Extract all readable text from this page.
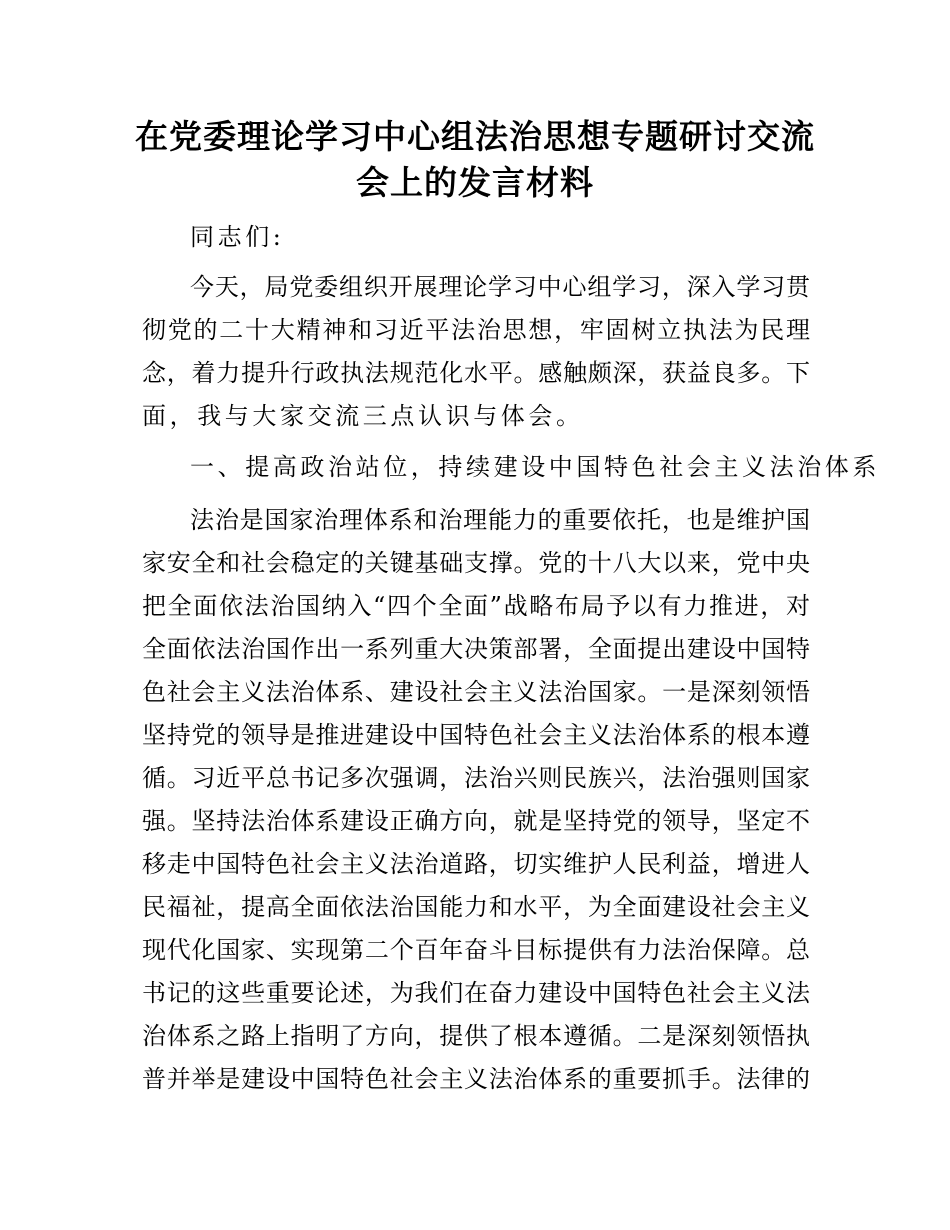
在党委理论学习中心组法治思想专题研讨交流
会上的发言材料
同志们:
今天，局党委组织开展理论学习中心组学习，深入学习贯
彻党的二十大精神和习近平法治思想，牢固树立执法为民理
念，着力提升行政执法规范化水平。感触颇深，获益良多。下
面，我与大家交流三点认识与体会。
一、提高政治站位，持续建设中国特色社会主义法治体系
法治是国家治理体系和治理能力的重要依托，也是维护国
家安全和社会稳定的关键基础支撑。党的十八大以来，党中央
把全面依法治国纳入“四个全面”战略布局予以有力推进，对
全面依法治国作出一系列重大决策部署，全面提出建设中国特
色社会主义法治体系、建设社会主义法治国家。一是深刻领悟
坚持党的领导是推进建设中国特色社会主义法治体系的根本遵
循。习近平总书记多次强调，法治兴则民族兴，法治强则国家
强。坚持法治体系建设正确方向，就是坚持党的领导，坚定不
移走中国特色社会主义法治道路，切实维护人民利益，增进人
民福祉，提高全面依法治国能力和水平，为全面建设社会主义
现代化国家、实现第二个百年奋斗目标提供有力法治保障。总
书记的这些重要论述，为我们在奋力建设中国特色社会主义法
治体系之路上指明了方向，提供了根本遵循。二是深刻领悟执
普并举是建设中国特色社会主义法治体系的重要抓手。法律的
